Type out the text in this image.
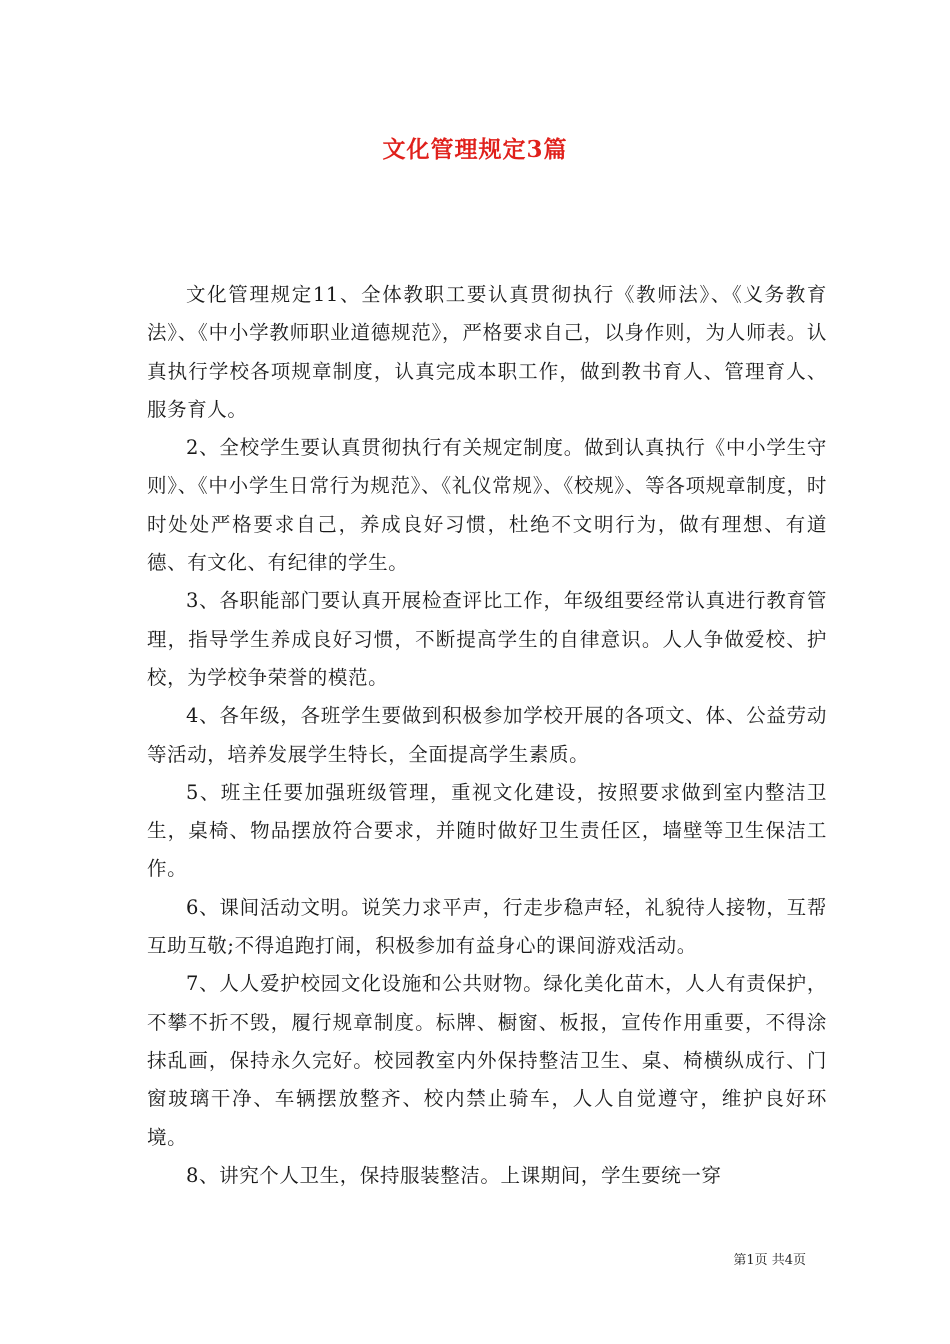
文化管理规定3篇

文化管理规定11、全体教职工要认真贯彻执行《教师法》、《义务教育法》、《中小学教师职业道德规范》，严格要求自己，以身作则，为人师表。认真执行学校各项规章制度，认真完成本职工作，做到教书育人、管理育人、服务育人。

2、全校学生要认真贯彻执行有关规定制度。做到认真执行《中小学生守则》、《中小学生日常行为规范》、《礼仪常规》、《校规》、等各项规章制度，时时处处严格要求自己，养成良好习惯，杜绝不文明行为，做有理想、有道德、有文化、有纪律的学生。

3、各职能部门要认真开展检查评比工作，年级组要经常认真进行教育管理，指导学生养成良好习惯，不断提高学生的自律意识。人人争做爱校、护校，为学校争荣誉的模范。

4、各年级，各班学生要做到积极参加学校开展的各项文、体、公益劳动等活动，培养发展学生特长，全面提高学生素质。

5、班主任要加强班级管理，重视文化建设，按照要求做到室内整洁卫生，桌椅、物品摆放符合要求，并随时做好卫生责任区，墙壁等卫生保洁工作。

6、课间活动文明。说笑力求平声，行走步稳声轻，礼貌待人接物，互帮互助互敬;不得追跑打闹，积极参加有益身心的课间游戏活动。

7、人人爱护校园文化设施和公共财物。绿化美化苗木，人人有责保护，不攀不折不毁，履行规章制度。标牌、橱窗、板报，宣传作用重要，不得涂抹乱画，保持永久完好。校园教室内外保持整洁卫生、桌、椅横纵成行、门窗玻璃干净、车辆摆放整齐、校内禁止骑车，人人自觉遵守，维护良好环境。

8、讲究个人卫生，保持服装整洁。上课期间，学生要统一穿

第1页 共4页
